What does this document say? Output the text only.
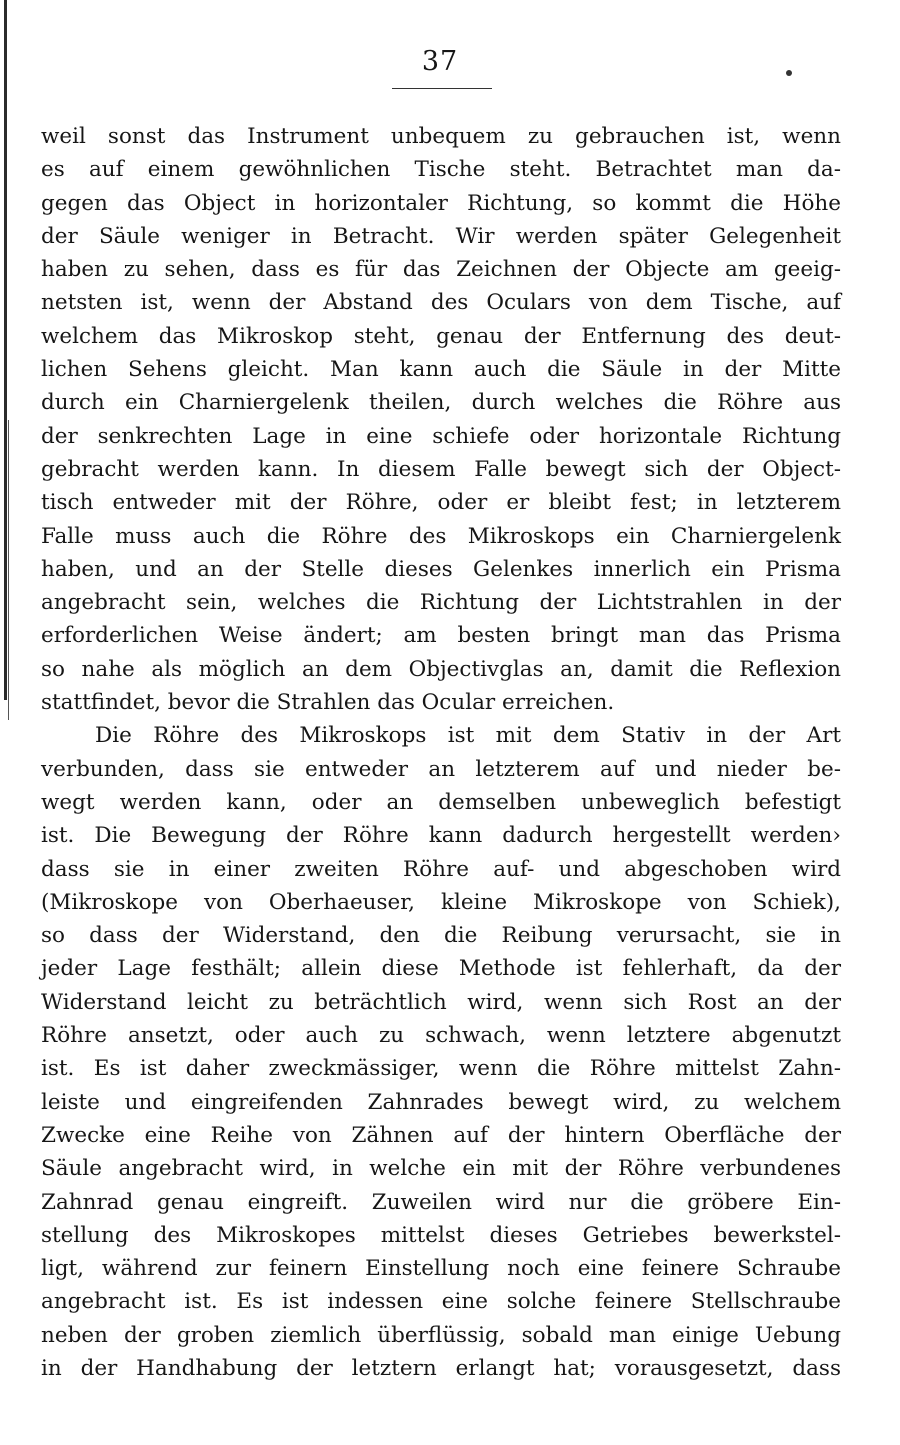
37
weil sonst das Instrument unbequem zu gebrauchen ist, wenn
es auf einem gewöhnlichen Tische steht. Betrachtet man da-
gegen das Object in horizontaler Richtung, so kommt die Höhe
der Säule weniger in Betracht. Wir werden später Gelegenheit
haben zu sehen, dass es für das Zeichnen der Objecte am geeig-
netsten ist, wenn der Abstand des Oculars von dem Tische, auf
welchem das Mikroskop steht, genau der Entfernung des deut-
lichen Sehens gleicht. Man kann auch die Säule in der Mitte
durch ein Charniergelenk theilen, durch welches die Röhre aus
der senkrechten Lage in eine schiefe oder horizontale Richtung
gebracht werden kann. In diesem Falle bewegt sich der Object-
tisch entweder mit der Röhre, oder er bleibt fest; in letzterem
Falle muss auch die Röhre des Mikroskops ein Charniergelenk
haben, und an der Stelle dieses Gelenkes innerlich ein Prisma
angebracht sein, welches die Richtung der Lichtstrahlen in der
erforderlichen Weise ändert; am besten bringt man das Prisma
so nahe als möglich an dem Objectivglas an, damit die Reflexion
stattfindet, bevor die Strahlen das Ocular erreichen.
Die Röhre des Mikroskops ist mit dem Stativ in der Art
verbunden, dass sie entweder an letzterem auf und nieder be-
wegt werden kann, oder an demselben unbeweglich befestigt
ist. Die Bewegung der Röhre kann dadurch hergestellt werden›
dass sie in einer zweiten Röhre auf- und abgeschoben wird
(Mikroskope von Oberhaeuser, kleine Mikroskope von Schiek),
so dass der Widerstand, den die Reibung verursacht, sie in
jeder Lage festhält; allein diese Methode ist fehlerhaft, da der
Widerstand leicht zu beträchtlich wird, wenn sich Rost an der
Röhre ansetzt, oder auch zu schwach, wenn letztere abgenutzt
ist. Es ist daher zweckmässiger, wenn die Röhre mittelst Zahn-
leiste und eingreifenden Zahnrades bewegt wird, zu welchem
Zwecke eine Reihe von Zähnen auf der hintern Oberfläche der
Säule angebracht wird, in welche ein mit der Röhre verbundenes
Zahnrad genau eingreift. Zuweilen wird nur die gröbere Ein-
stellung des Mikroskopes mittelst dieses Getriebes bewerkstel-
ligt, während zur feinern Einstellung noch eine feinere Schraube
angebracht ist. Es ist indessen eine solche feinere Stellschraube
neben der groben ziemlich überflüssig, sobald man einige Uebung
in der Handhabung der letztern erlangt hat; vorausgesetzt, dass
